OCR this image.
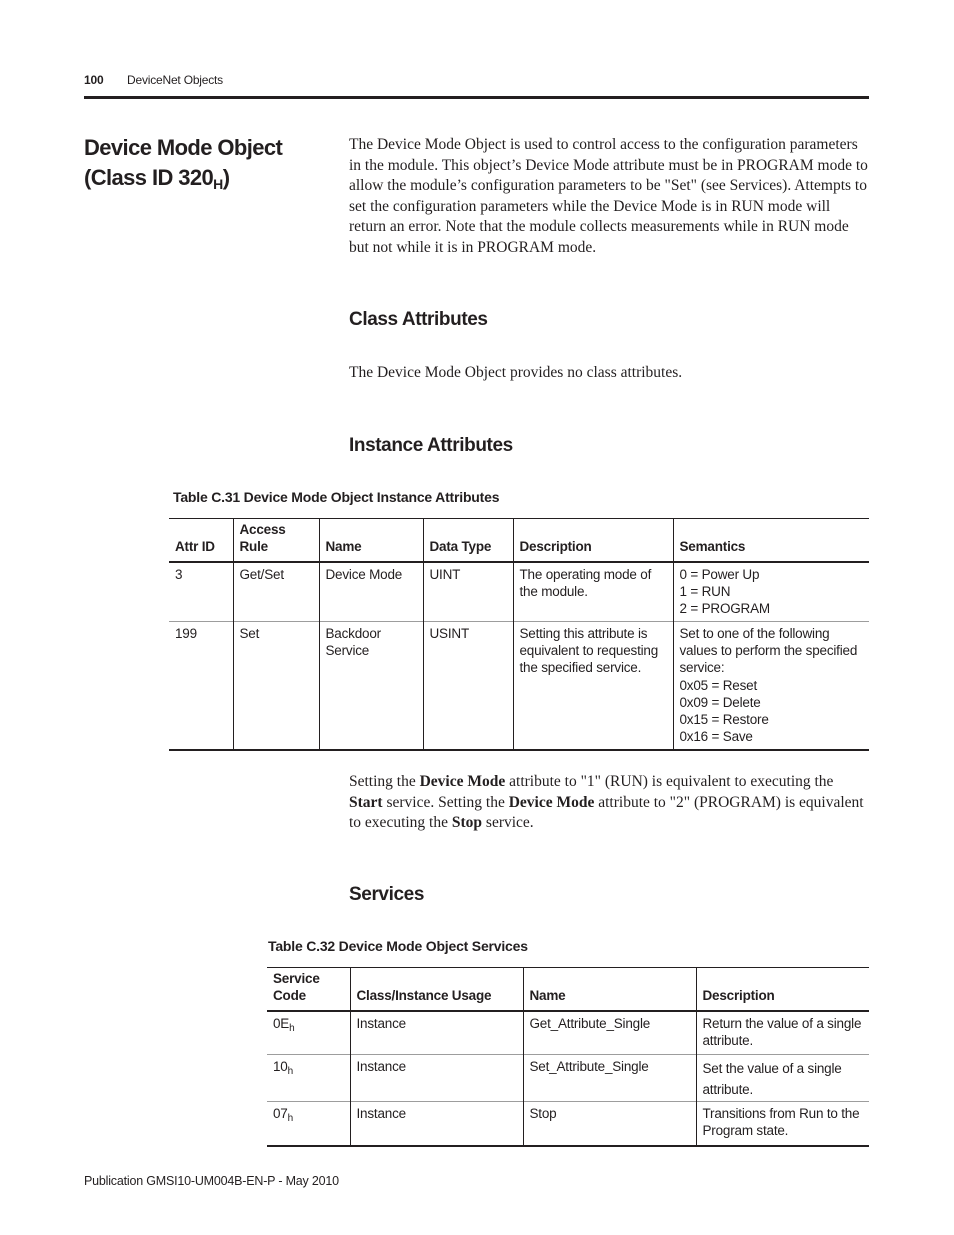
100 DeviceNet Objects
Device Mode Object
(Class ID $320_H$)
The Device Mode Object is used to control access to the configuration parameters in the module. This object’s Device Mode attribute must be in PROGRAM mode to allow the module’s configuration parameters to be "Set" (see Services). Attempts to set the configuration parameters while the Device Mode is in RUN mode will return an error. Note that the module collects measurements while in RUN mode but not while it is in PROGRAM mode.
Class Attributes
The Device Mode Object provides no class attributes.
Instance Attributes
Table C.31 Device Mode Object Instance Attributes
Attr ID	Access Rule	Name	Data Type	Description	Semantics
3	Get/Set	Device Mode	UINT	The operating mode of the module.	0 = Power Up
1 = RUN
2 = PROGRAM
199	Set	Backdoor Service	USINT	Setting this attribute is equivalent to requesting the specified service.	Set to one of the following values to perform the specified service:
0x05 = Reset
0x09 = Delete
0x15 = Restore
0x16 = Save
Setting the Device Mode attribute to "1" (RUN) is equivalent to executing the Start service. Setting the Device Mode attribute to "2" (PROGRAM) is equivalent to executing the Stop service.
Services
Table C.32 Device Mode Object Services
Service Code	Class/Instance Usage	Name	Description
$0E_h$	Instance	Get_Attribute_Single	Return the value of a single attribute.
$10_h$	Instance	Set_Attribute_Single	Set the value of a single attribute.
$07_h$	Instance	Stop	Transitions from Run to the Program state.
Publication GMSI10-UM004B-EN-P - May 2010
